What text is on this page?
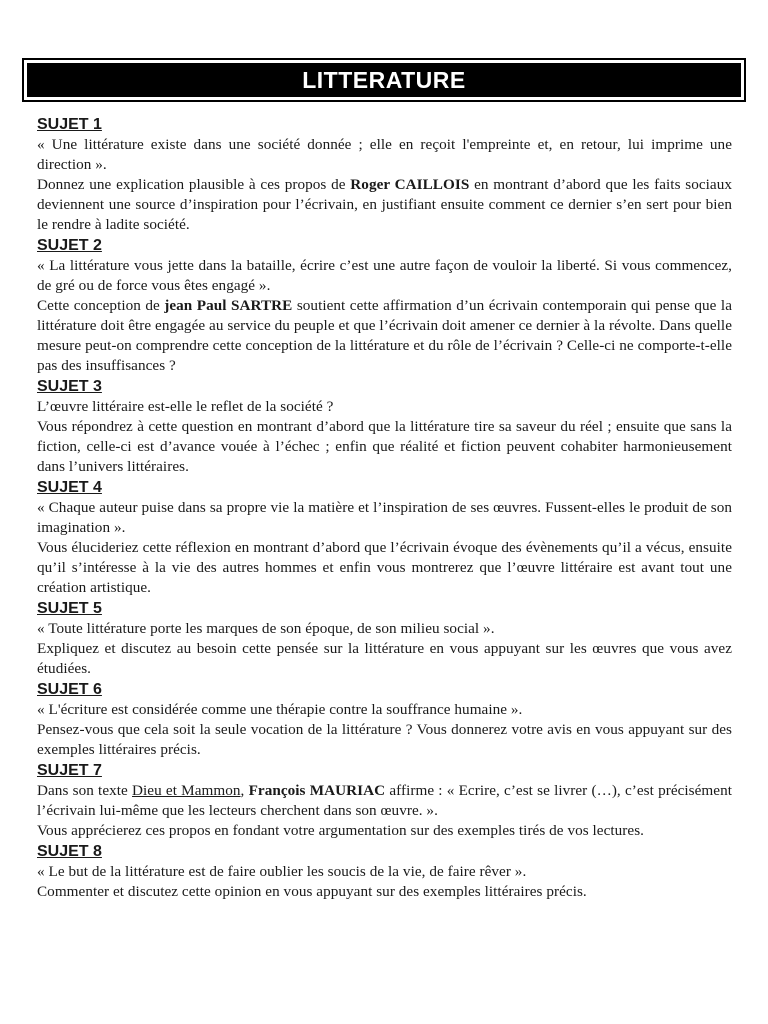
LITTERATURE
SUJET 1

« Une littérature existe dans une société donnée ; elle en reçoit l'empreinte et, en retour, lui imprime une direction ».

Donnez une explication plausible à ces propos de Roger CAILLOIS en montrant d’abord que les faits sociaux deviennent une source d’inspiration pour l’écrivain, en justifiant ensuite comment ce dernier s’en sert pour bien le rendre à ladite société.

SUJET 2

« La littérature vous jette dans la bataille, écrire c’est une autre façon de vouloir la liberté. Si vous commencez, de gré ou de force vous êtes engagé ».

Cette conception de jean Paul SARTRE soutient cette affirmation d’un écrivain contemporain qui pense que la littérature doit être engagée au service du peuple et que l’écrivain doit amener ce dernier à la révolte. Dans quelle mesure peut-on comprendre cette conception de la littérature et du rôle de l’écrivain ? Celle-ci ne comporte-t-elle pas des insuffisances ?

SUJET 3

L’œuvre littéraire est-elle le reflet de la société ?

Vous répondrez à cette question en montrant d’abord que la littérature tire sa saveur du réel ; ensuite que sans la fiction, celle-ci est d’avance vouée à l’échec ; enfin que réalité et fiction peuvent cohabiter harmonieusement dans l’univers littéraires.

SUJET 4

« Chaque auteur puise dans sa propre vie la matière et l’inspiration de ses œuvres. Fussent-elles le produit de son imagination ».

Vous élucideriez cette réflexion en montrant d’abord que l’écrivain évoque des évènements qu’il a vécus, ensuite qu’il s’intéresse à la vie des autres hommes et enfin vous montrerez que l’œuvre littéraire est avant tout une création artistique.

SUJET 5

« Toute littérature porte les marques de son époque, de son milieu social ».

Expliquez et discutez au besoin cette pensée sur la littérature en vous appuyant sur les œuvres que vous avez étudiées.

SUJET 6

« L'écriture est considérée comme une thérapie contre la souffrance humaine ».

Pensez-vous que cela soit la seule vocation de la littérature ? Vous donnerez votre avis en vous appuyant sur des exemples littéraires précis.

SUJET 7

Dans son texte Dieu et Mammon, François MAURIAC affirme : « Ecrire, c’est se livrer (…), c’est précisément l’écrivain lui-même que les lecteurs cherchent dans son œuvre. ».

Vous apprécierez ces propos en fondant votre argumentation sur des exemples tirés de vos lectures.

SUJET 8

« Le but de la littérature est de faire oublier les soucis de la vie, de faire rêver ».

Commenter et discutez cette opinion en vous appuyant sur des exemples littéraires précis.
